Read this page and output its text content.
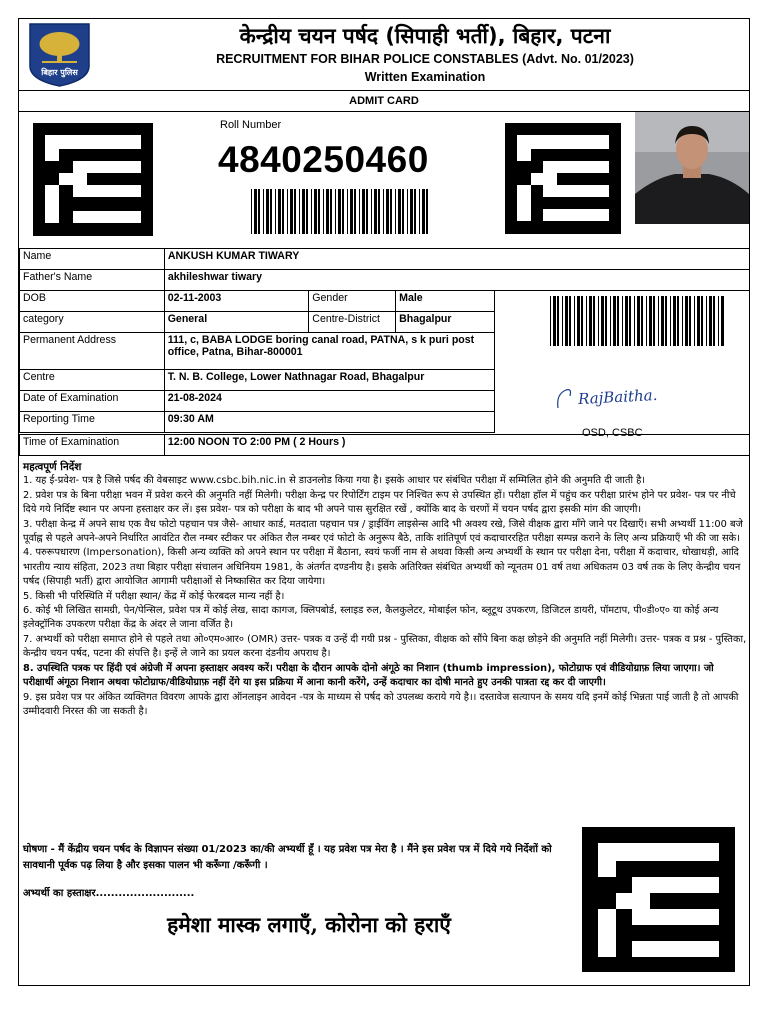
बिहार पुलिस
केन्द्रीय चयन पर्षद (सिपाही भर्ती), बिहार, पटना
RECRUITMENT FOR BIHAR POLICE CONSTABLES (Advt. No. 01/2023)
Written Examination
ADMIT CARD
Roll Number
4840250460
Name	ANKUSH KUMAR TIWARY
Father's Name	akhileshwar tiwary
DOB	02-11-2003	Gender	Male
category	General	Centre-District	Bhagalpur
Permanent Address	111, c, BABA LODGE boring canal road, PATNA, s k puri post office, Patna, Bihar-800001		
Centre	T. N. B. College, Lower Nathnagar Road, Bhagalpur		
Date of Examination	21-08-2024		
Reporting Time	09:30 AM		
Time of Examination	12:00 NOON TO 2:00 PM ( 2 Hours )
RajBaitha.
OSD, CSBC

महत्वपूर्ण निर्देश

1. यह ई-प्रवेश- पत्र है जिसे पर्षद की वेबसाइट www.csbc.bih.nic.in से डाउनलोड किया गया है। इसके आधार पर संबंधित परीक्षा में सम्मिलित होने की अनुमति दी जाती है।

2. प्रवेश पत्र के बिना परीक्षा भवन में प्रवेश करने की अनुमति नहीं मिलेगी। परीक्षा केन्द्र पर रिपोर्टिंग टाइम पर निश्चित रूप से उपस्थित हों। परीक्षा हॉल में पहुंच कर परीक्षा प्रारंभ होने पर प्रवेश- पत्र पर नीचे दिये गये निर्दिष्ट स्थान पर अपना हस्ताक्षर कर लें। इस प्रवेश- पत्र को परीक्षा के बाद भी अपने पास सुरक्षित रखें , क्योंकि बाद के चरणों में चयन पर्षद द्वारा इसकी मांग की जाएगी।

3. परीक्षा केन्द्र में अपने साथ एक वैध फोटो पहचान पत्र जैसे- आधार कार्ड, मतदाता पहचान पत्र / ड्राईविंग लाइसेन्स आदि भी अवश्य रखे, जिसे वीक्षक द्वारा माँगे जाने पर दिखाएँ। सभी अभ्यर्थी 11:00 बजे पूर्वाह्न से पहले अपने-अपने निर्धारित आवंटित रौल नम्बर स्टीकर पर अंकित रौल नम्बर एवं फोटो के अनुरूप बैठे, ताकि शांतिपूर्ण एवं कदाचाररहित परीक्षा सम्पन्न कराने के लिए अन्य प्रक्रियाएँ भी की जा सके।

4. परुरूपधारण (Impersonation), किसी अन्य व्यक्ति को अपने स्थान पर परीक्षा में बैठाना, स्वयं फर्जी नाम से अथवा किसी अन्य अभ्यर्थी के स्थान पर परीक्षा देना, परीक्षा में कदाचार, धोखाधड़ी, आदि भारतीय न्याय संहिता, 2023 तथा बिहार परीक्षा संचालन अधिनियम 1981, के अंतर्गत दण्डनीय है। इसके अतिरिक्त संबंधित अभ्यर्थी को न्यूनतम 01 वर्ष तथा अधिकतम 03 वर्ष तक के लिए केन्द्रीय चयन पर्षद (सिपाही भर्ती) द्वारा आयोजित आगामी परीक्षाओं से निष्कासित कर दिया जायेगा।

5. किसी भी परिस्थिति में परीक्षा स्थान/ केंद्र में कोई फेरबदल मान्य नहीं है।

6. कोई भी लिखित सामग्री, पेन/पेन्सिल, प्रवेश पत्र में कोई लेख, सादा कागज, क्लिपबोर्ड, स्लाइड रुल, कैलकुलेटर, मोबाईल फोन, ब्लूटूथ उपकरण, डिजिटल डायरी, पॉमटाप, पी०डी०ए० या कोई अन्य इलेक्ट्रॉनिक उपकरण परीक्षा केंद्र के अंदर ले जाना वर्जित है।

7. अभ्यर्थी को परीक्षा समाप्त होने से पहले तथा ओ०एम०आर० (OMR) उत्तर- पत्रक व उन्हें दी गयी प्रश्न - पुस्तिका, वीक्षक को सौंपे बिना कक्ष छोड़ने की अनुमति नहीं मिलेगी। उत्तर- पत्रक व प्रश्न - पुस्तिका, केन्द्रीय चयन पर्षद, पटना की संपत्ति है। इन्हें ले जाने का प्रयल करना दंडनीय अपराध है।

8. उपस्थिति पत्रक पर हिंदी एवं अंग्रेजी में अपना हस्ताक्षर अवश्य करें। परीक्षा के दौरान आपके दोनो अंगूठे का निशान (thumb impression), फोटोग्राफ एवं वीडियोग्राफ़ लिया जाएगा। जो परीक्षार्थी अंगूठा निशान अथवा फोटोग्राफ/वीडियोग्राफ़ नहीं देंगे या इस प्रक्रिया में आना कानी करेंगे, उन्हें कदाचार का दोषी मानते हुए उनकी पात्रता रद्द कर दी जाएगी।

9. इस प्रवेश पत्र पर अंकित व्यक्तिगत विवरण आपके द्वारा ऑनलाइन आवेदन -पत्र के माध्यम से पर्षद को उपलब्ध कराये गये है।। दस्तावेज सत्यापन के समय यदि इनमें कोई भिन्नता पाई जाती है तो आपकी उम्मीदवारी निरस्त की जा सकती है।

घोषणा - मैं केंद्रीय चयन पर्षद के विज्ञापन संख्या 01/2023 का/की अभ्यर्थी हूँ । यह प्रवेश पत्र मेरा है । मैंने इस प्रवेश पत्र में दिये गये निर्देशों को सावधानी पूर्वक पढ़ लिया है और इसका पालन भी करूँगा /करूँगी ।
अभ्यर्थी का हस्ताक्षर..........................
हमेशा मास्क लगाएँ, कोरोना को हराएँ
